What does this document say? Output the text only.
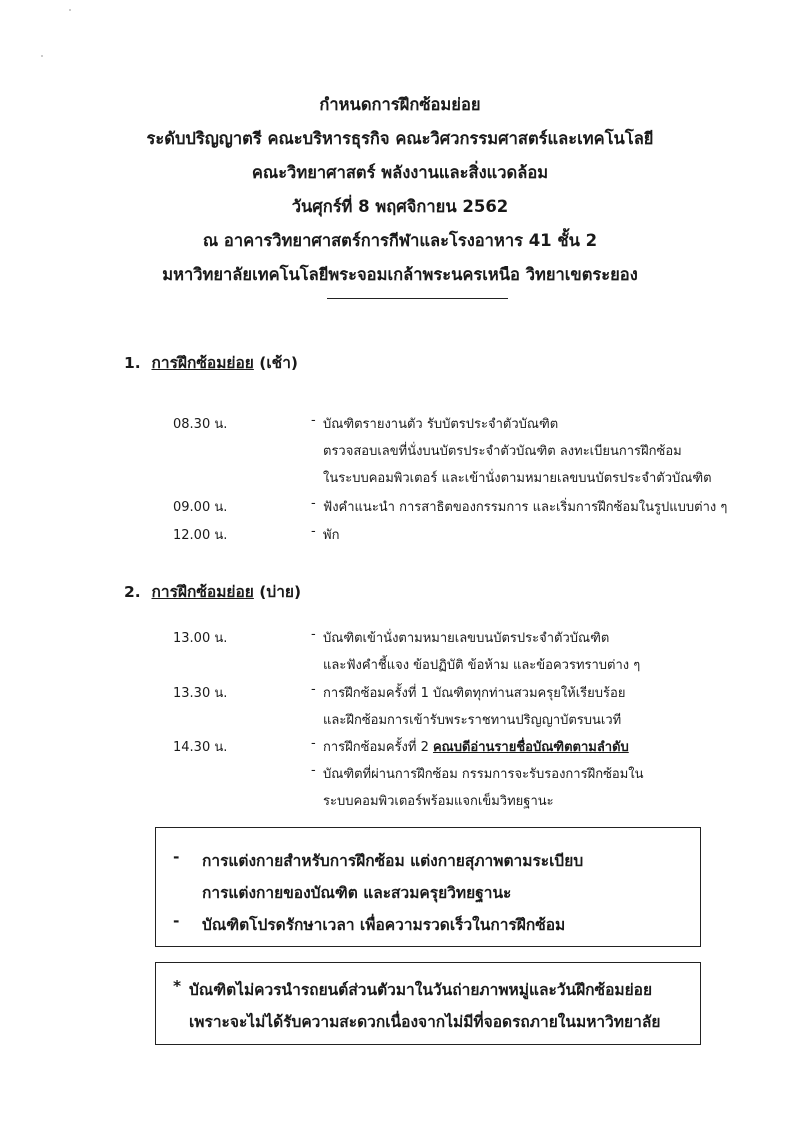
กำหนดการฝึกซ้อมย่อย
ระดับปริญญาตรี คณะบริหารธุรกิจ คณะวิศวกรรมศาสตร์และเทคโนโลยี
คณะวิทยาศาสตร์ พลังงานและสิ่งแวดล้อม
วันศุกร์ที่ 8 พฤศจิกายน 2562
ณ อาคารวิทยาศาสตร์การกีฬาและโรงอาหาร 41 ชั้น 2
มหาวิทยาลัยเทคโนโลยีพระจอมเกล้าพระนครเหนือ วิทยาเขตระยอง
1. การฝึกซ้อมย่อย (เช้า)
08.30 น.	- บัณฑิตรายงานตัว รับบัตรประจำตัวบัณฑิต
ตรวจสอบเลขที่นั่งบนบัตรประจำตัวบัณฑิต ลงทะเบียนการฝึกซ้อม
ในระบบคอมพิวเตอร์ และเข้านั่งตามหมายเลขบนบัตรประจำตัวบัณฑิต
09.00 น.	- ฟังคำแนะนำ การสาธิตของกรรมการ และเริ่มการฝึกซ้อมในรูปแบบต่าง ๆ
12.00 น.	- พัก
2. การฝึกซ้อมย่อย (บ่าย)
13.00 น.	- บัณฑิตเข้านั่งตามหมายเลขบนบัตรประจำตัวบัณฑิต
และฟังคำชี้แจง ข้อปฏิบัติ ข้อห้าม และข้อควรทราบต่าง ๆ
13.30 น.	- การฝึกซ้อมครั้งที่ 1 บัณฑิตทุกท่านสวมครุยให้เรียบร้อย
และฝึกซ้อมการเข้ารับพระราชทานปริญญาบัตรบนเวที
14.30 น.	- การฝึกซ้อมครั้งที่ 2 คณบดีอ่านรายชื่อบัณฑิตตามลำดับ
- บัณฑิตที่ผ่านการฝึกซ้อม กรรมการจะรับรองการฝึกซ้อมใน
ระบบคอมพิวเตอร์พร้อมแจกเข็มวิทยฐานะ
- การแต่งกายสำหรับการฝึกซ้อม แต่งกายสุภาพตามระเบียบ
การแต่งกายของบัณฑิต และสวมครุยวิทยฐานะ
- บัณฑิตโปรดรักษาเวลา เพื่อความรวดเร็วในการฝึกซ้อม
* บัณฑิตไม่ควรนำรถยนต์ส่วนตัวมาในวันถ่ายภาพหมู่และวันฝึกซ้อมย่อย
เพราะจะไม่ได้รับความสะดวกเนื่องจากไม่มีที่จอดรถภายในมหาวิทยาลัย
